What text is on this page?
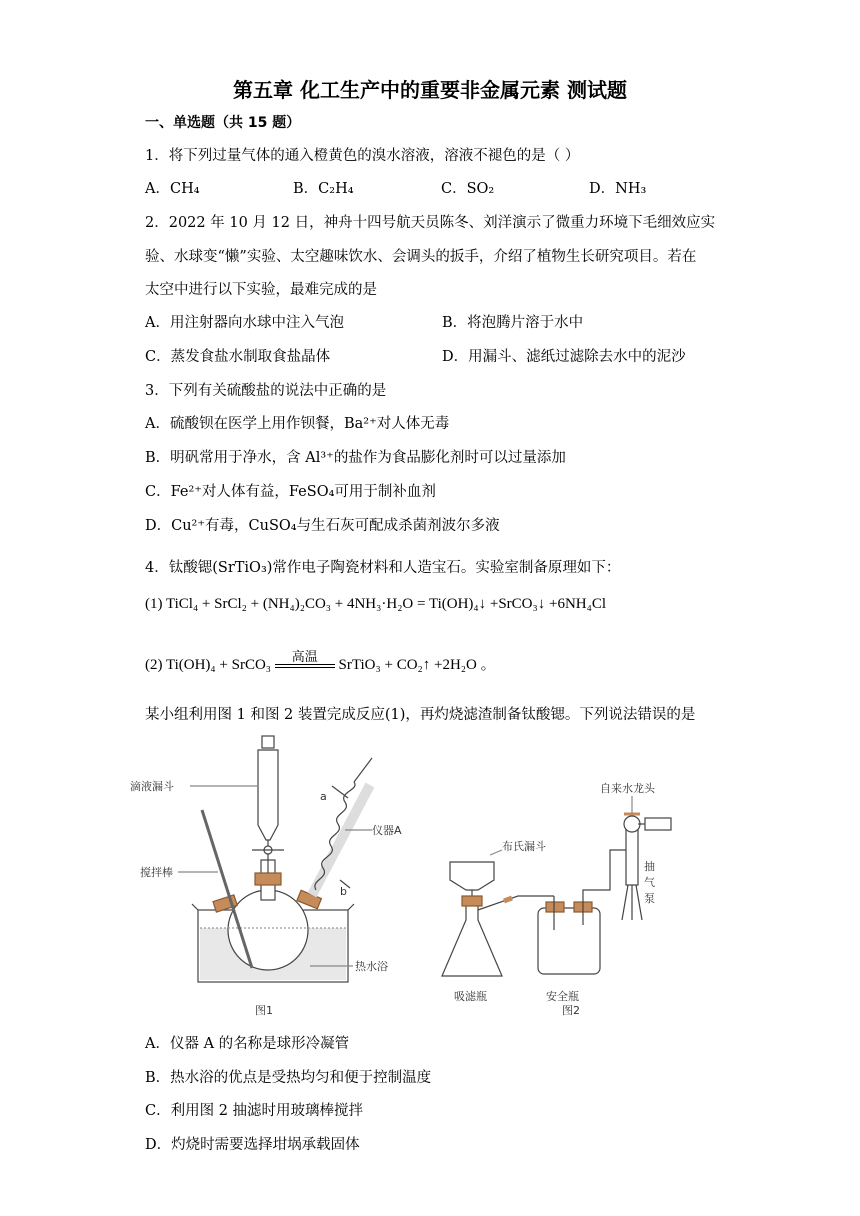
第五章 化工生产中的重要非金属元素 测试题
一、单选题（共 15 题）
1．将下列过量气体的通入橙黄色的溴水溶液，溶液不褪色的是（ ）
A．CH₄	B．C₂H₄	C．SO₂	D．NH₃
2．2022 年 10 月 12 日，神舟十四号航天员陈冬、刘洋演示了微重力环境下毛细效应实
验、水球变“懒”实验、太空趣味饮水、会调头的扳手，介绍了植物生长研究项目。若在
太空中进行以下实验，最难完成的是
A．用注射器向水球中注入气泡	B．将泡腾片溶于水中
C．蒸发食盐水制取食盐晶体	D．用漏斗、滤纸过滤除去水中的泥沙
3．下列有关硫酸盐的说法中正确的是
A．硫酸钡在医学上用作钡餐，Ba²⁺对人体无毒
B．明矾常用于净水，含 Al³⁺的盐作为食品膨化剂时可以过量添加
C．Fe²⁺对人体有益，FeSO₄可用于制补血剂
D．Cu²⁺有毒，CuSO₄与生石灰可配成杀菌剂波尔多液
4．钛酸锶(SrTiO₃)常作电子陶瓷材料和人造宝石。实验室制备原理如下：
(1) TiCl₄ + SrCl₂ + (NH₄)₂CO₃ + 4NH₃·H₂O = Ti(OH)₄↓ +SrCO₃↓ +6NH₄Cl
(2) Ti(OH)₄ + SrCO₃
高温
SrTiO₃ + CO₂↑ +2H₂O 。
某小组利用图 1 和图 2 装置完成反应(1)，再灼烧滤渣制备钛酸锶。下列说法错误的是
滴液漏斗
a
仪器A
b
搅拌棒
热水浴
图1
自来水龙头
布氏漏斗
抽
气
泵
吸滤瓶	安全瓶
图2
A．仪器 A 的名称是球形冷凝管
B．热水浴的优点是受热均匀和便于控制温度
C．利用图 2 抽滤时用玻璃棒搅拌
D．灼烧时需要选择坩埚承载固体
